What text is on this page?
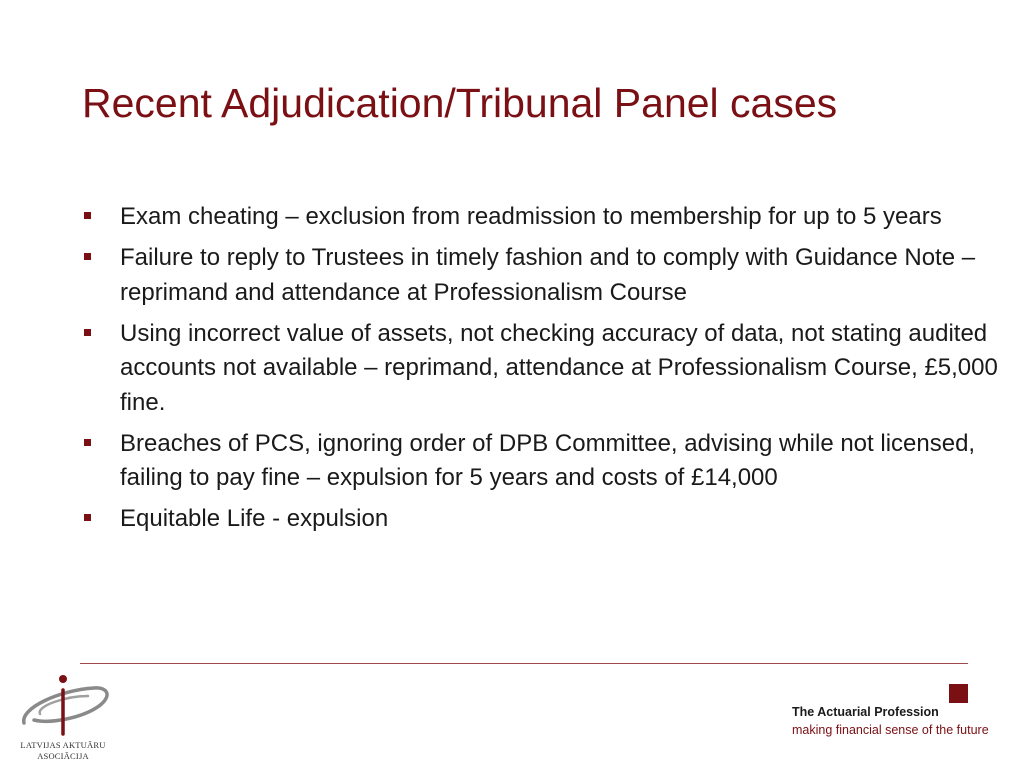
Recent Adjudication/Tribunal Panel cases
Exam cheating – exclusion from readmission to membership for up to 5 years
Failure to reply to Trustees in timely fashion and to comply with Guidance Note – reprimand and attendance at Professionalism Course
Using incorrect value of assets, not checking accuracy of data, not stating audited accounts not available – reprimand, attendance at Professionalism Course, £5,000 fine.
Breaches of PCS, ignoring order of DPB Committee, advising while not licensed, failing to pay fine – expulsion for 5 years and costs of £14,000
Equitable Life - expulsion
LATVIJAS AKTUĀRU
ASOCIĀCIJA
The Actuarial Profession
making financial sense of the future
